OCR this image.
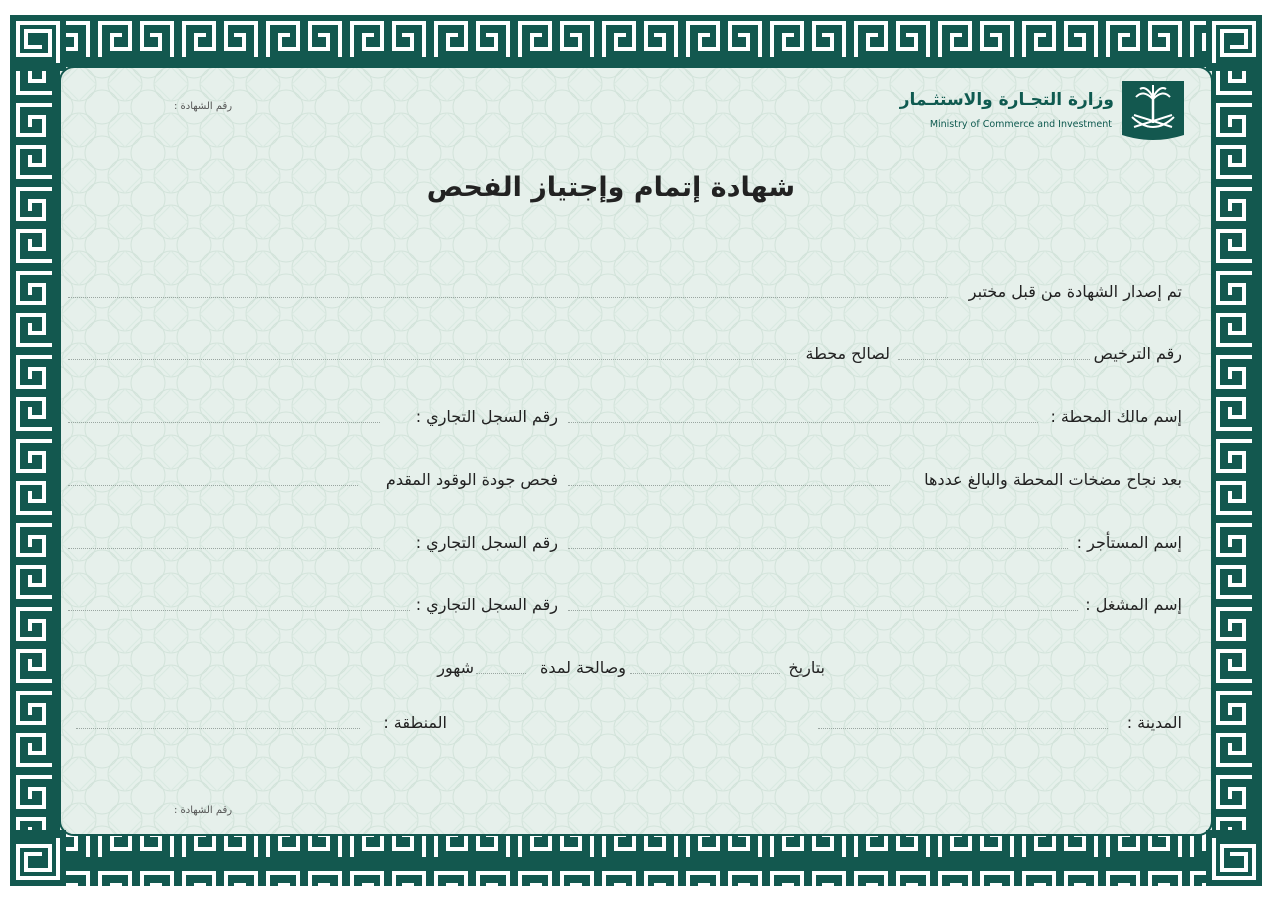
وزارة التجـارة والاستثـمار
Ministry of Commerce and Investment
رقم الشهادة :
شهادة إتمام وإجتياز الفحص
تم إصدار الشهادة من قبل مختبر
رقم الترخيص
لصالح محطة
إسم مالك المحطة :
رقم السجل التجاري :
بعد نجاح مضخات المحطة والبالغ عددها
فحص جودة الوقود المقدم
إسم المستأجر :
رقم السجل التجاري :
إسم المشغل :
رقم السجل التجاري :
بتاريخ
وصالحة لمدة
شهور
المدينة :
المنطقة :
رقم الشهادة :
